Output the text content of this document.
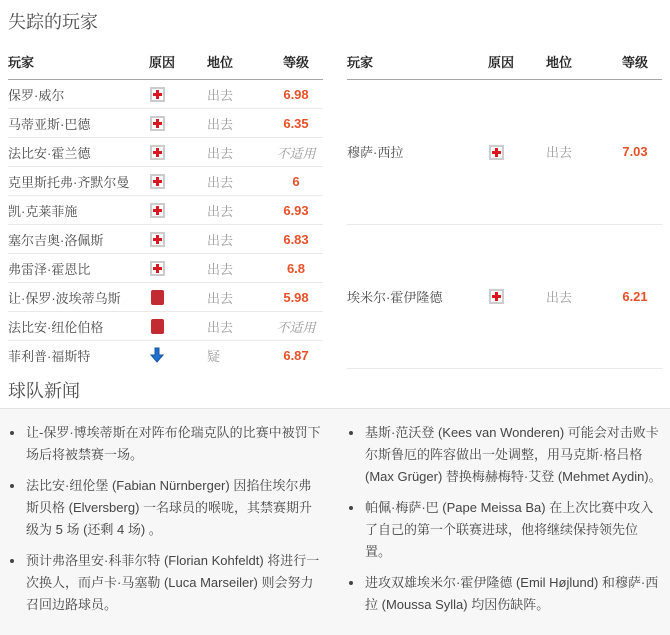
失踪的玩家
玩家	原因	地位	等级
保罗·威尔		出去	6.98
马蒂亚斯·巴德		出去	6.35
法比安·霍兰德		出去	不适用
克里斯托弗·齐默尔曼		出去	6
凯·克莱菲施		出去	6.93
塞尔吉奥·洛佩斯		出去	6.83
弗雷泽·霍恩比		出去	6.8
让·保罗·波埃蒂乌斯		出去	5.98
法比安·纽伦伯格		出去	不适用
菲利普·福斯特		疑	6.87
玩家	原因	地位	等级
穆萨·西拉		出去	7.03
埃米尔·霍伊隆德		出去	6.21
球队新闻
• 让-保罗·博埃蒂斯在对阵布伦瑞克队的比赛中被罚下场后将被禁赛一场。
• 法比安·纽伦堡 (Fabian Nürnberger) 因掐住埃尔弗斯贝格 (Elversberg) 一名球员的喉咙，其禁赛期升级为 5 场 (还剩 4 场) 。
• 预计弗洛里安·科菲尔特 (Florian Kohfeldt) 将进行一次换人，而卢卡·马塞勒 (Luca Marseiler) 则会努力召回边路球员。
• 基斯·范沃登 (Kees van Wonderen) 可能会对击败卡尔斯鲁厄的阵容做出一处调整，用马克斯·格吕格 (Max Grüger) 替换梅赫梅特·艾登 (Mehmet Aydin)。
• 帕佩·梅萨·巴 (Pape Meissa Ba) 在上次比赛中攻入了自己的第一个联赛进球，他将继续保持领先位置。
• 进攻双雄埃米尔·霍伊隆德 (Emil Højlund) 和穆萨·西拉 (Moussa Sylla) 均因伤缺阵。
